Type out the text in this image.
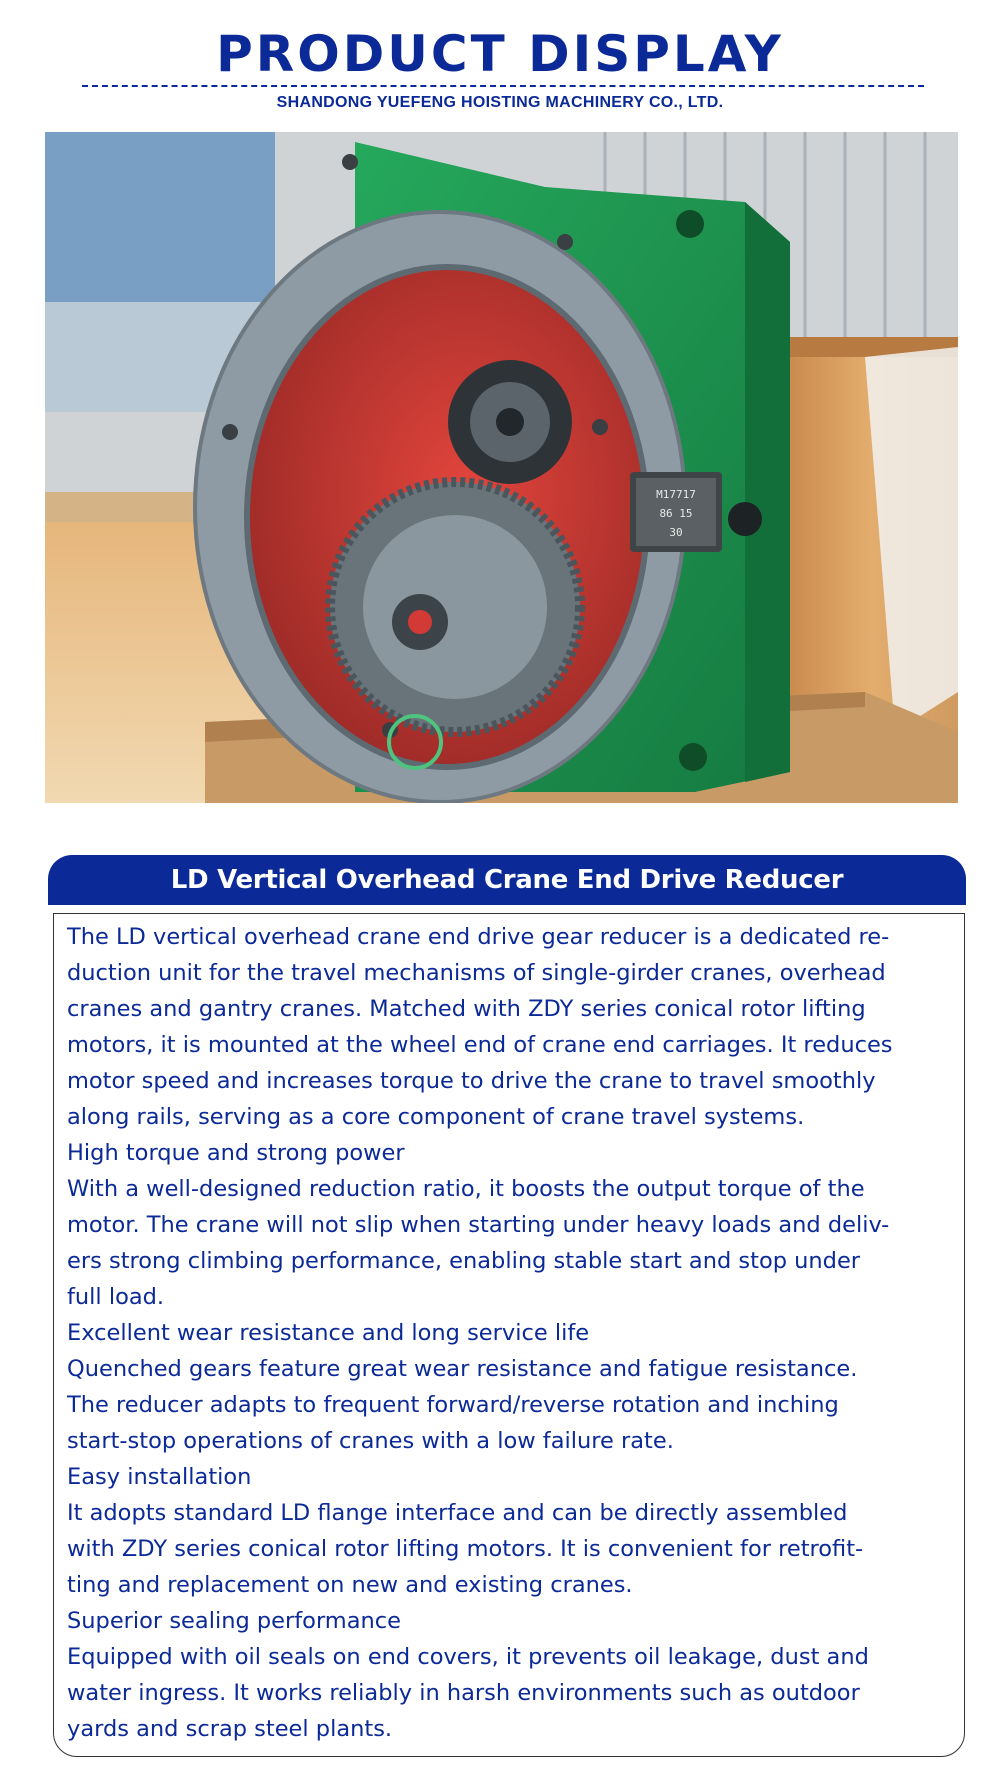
PRODUCT DISPLAY
SHANDONG YUEFENG HOISTING MACHINERY CO., LTD.
M17717
86 15
30
LD Vertical Overhead Crane End Drive Reducer

The LD vertical overhead crane end drive gear reducer is a dedicated re-

duction unit for the travel mechanisms of single-girder cranes, overhead

cranes and gantry cranes. Matched with ZDY series conical rotor lifting

motors, it is mounted at the wheel end of crane end carriages. It reduces

motor speed and increases torque to drive the crane to travel smoothly

along rails, serving as a core component of crane travel systems.

High torque and strong power

With a well-designed reduction ratio, it boosts the output torque of the

motor. The crane will not slip when starting under heavy loads and deliv-

ers strong climbing performance, enabling stable start and stop under

full load.

Excellent wear resistance and long service life

Quenched gears feature great wear resistance and fatigue resistance.

The reducer adapts to frequent forward/reverse rotation and inching

start-stop operations of cranes with a low failure rate.

Easy installation

It adopts standard LD flange interface and can be directly assembled

with ZDY series conical rotor lifting motors. It is convenient for retrofit-

ting and replacement on new and existing cranes.

Superior sealing performance

Equipped with oil seals on end covers, it prevents oil leakage, dust and

water ingress. It works reliably in harsh environments such as outdoor

yards and scrap steel plants.
